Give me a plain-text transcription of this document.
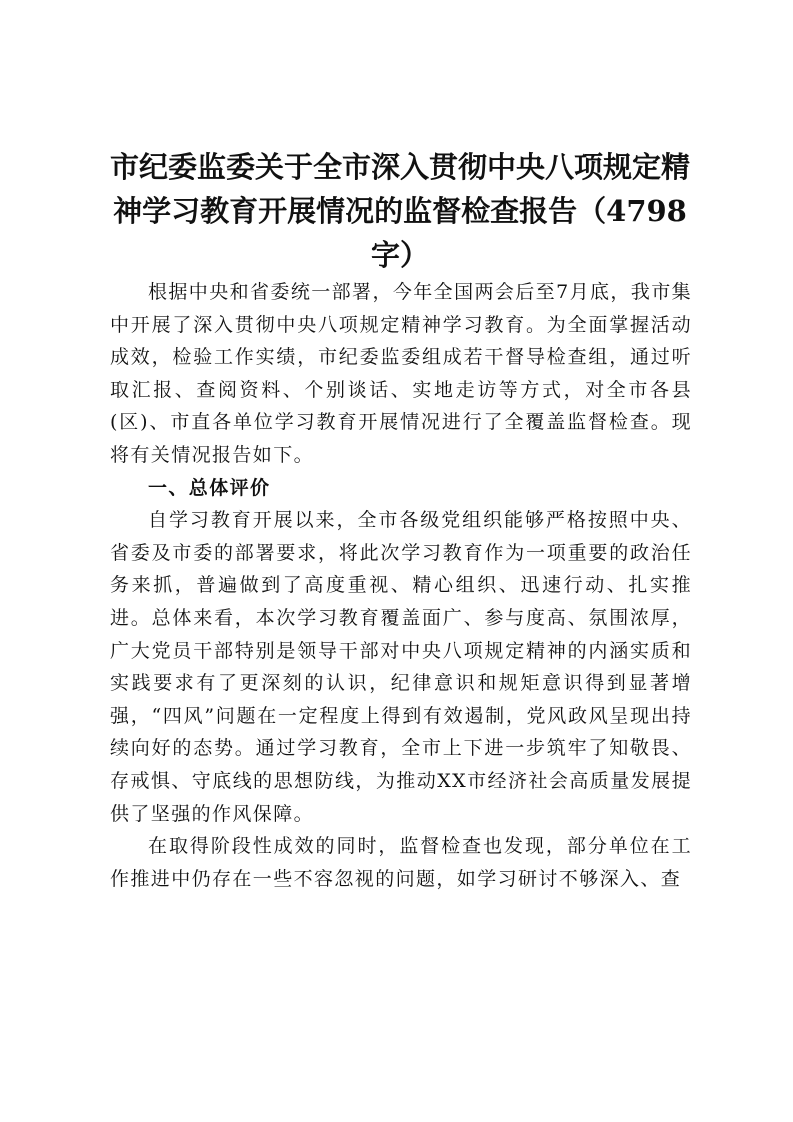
市纪委监委关于全市深入贯彻中央八项规定精神学习教育开展情况的监督检查报告（4798字）

根据中央和省委统一部署，今年全国两会后至7月底，我市集中开展了深入贯彻中央八项规定精神学习教育。为全面掌握活动成效，检验工作实绩，市纪委监委组成若干督导检查组，通过听取汇报、查阅资料、个别谈话、实地走访等方式，对全市各县(区)、市直各单位学习教育开展情况进行了全覆盖监督检查。现将有关情况报告如下。

一、总体评价

自学习教育开展以来，全市各级党组织能够严格按照中央、省委及市委的部署要求，将此次学习教育作为一项重要的政治任务来抓，普遍做到了高度重视、精心组织、迅速行动、扎实推进。总体来看，本次学习教育覆盖面广、参与度高、氛围浓厚，广大党员干部特别是领导干部对中央八项规定精神的内涵实质和实践要求有了更深刻的认识，纪律意识和规矩意识得到显著增强，“四风”问题在一定程度上得到有效遏制，党风政风呈现出持续向好的态势。通过学习教育，全市上下进一步筑牢了知敬畏、存戒惧、守底线的思想防线，为推动XX市经济社会高质量发展提供了坚强的作风保障。

在取得阶段性成效的同时，监督检查也发现，部分单位在工作推进中仍存在一些不容忽视的问题，如学习研讨不够深入、查
